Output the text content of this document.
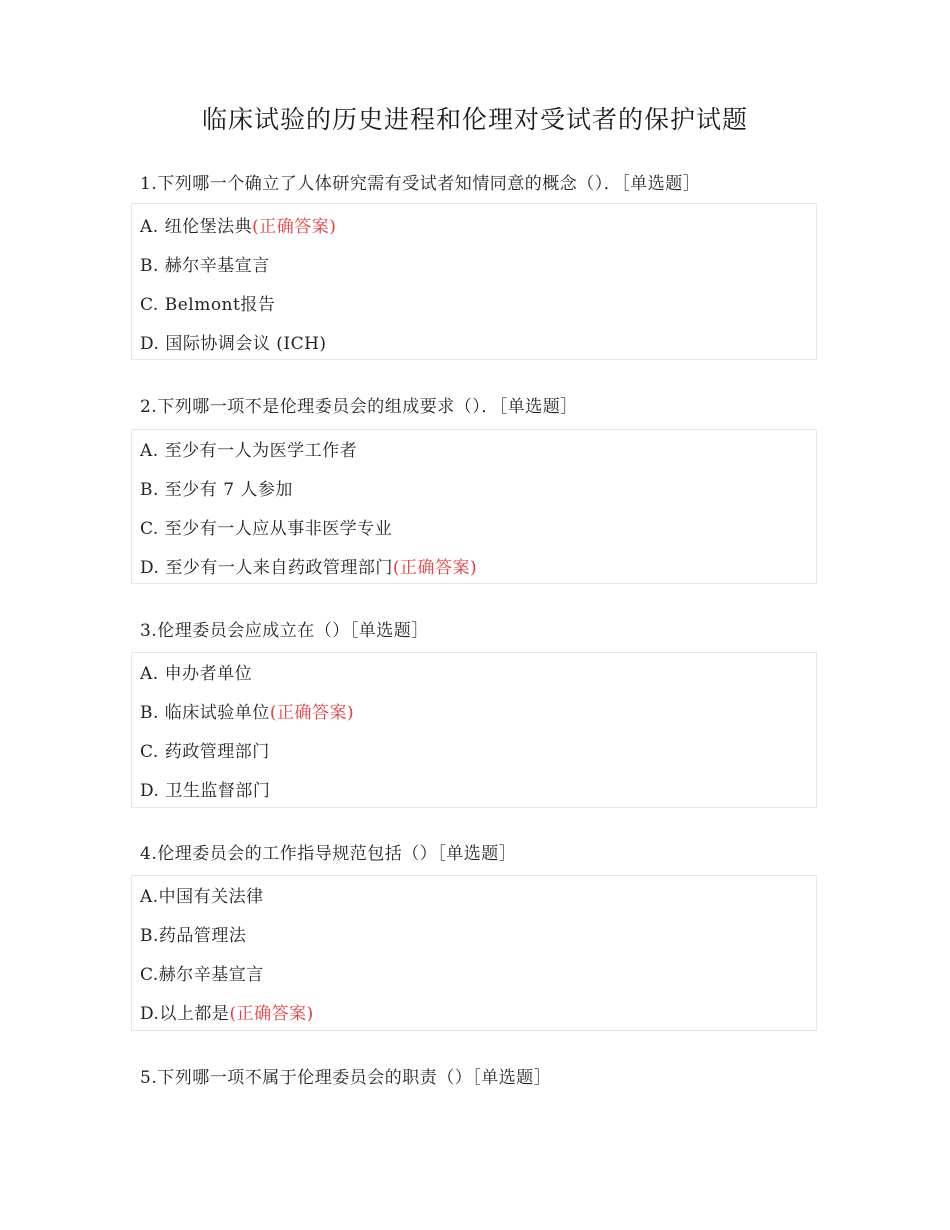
临床试验的历史进程和伦理对受试者的保护试题
1.下列哪一个确立了人体研究需有受试者知情同意的概念（）．［单选题］
A. 纽伦堡法典(正确答案)
B. 赫尔辛基宣言
C. Belmont报告
D. 国际协调会议 (ICH)
2.下列哪一项不是伦理委员会的组成要求（）．［单选题］
A. 至少有一人为医学工作者
B. 至少有 7 人参加
C. 至少有一人应从事非医学专业
D. 至少有一人来自药政管理部门(正确答案)
3.伦理委员会应成立在（）［单选题］
A. 申办者单位
B. 临床试验单位(正确答案)
C. 药政管理部门
D. 卫生监督部门
4.伦理委员会的工作指导规范包括（）［单选题］
A.中国有关法律
B.药品管理法
C.赫尔辛基宣言
D.以上都是(正确答案)
5.下列哪一项不属于伦理委员会的职责（）［单选题］
